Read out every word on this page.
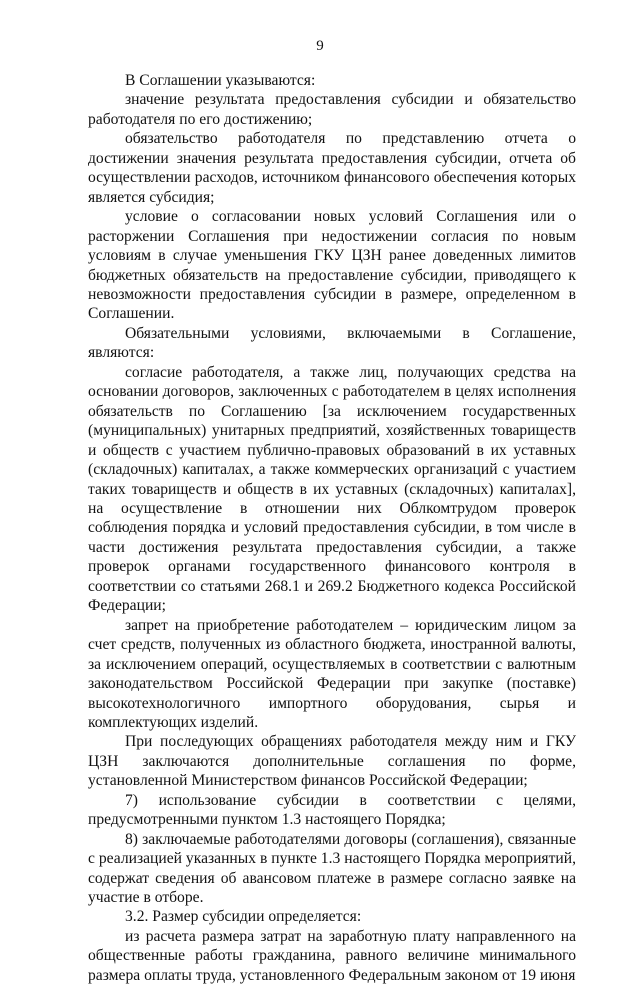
9

В Соглашении указываются:

значение результата предоставления субсидии и обязательство работодателя по его достижению;

обязательство работодателя по представлению отчета о достижении значения результата предоставления субсидии, отчета об осуществлении расходов, источником финансового обеспечения которых является субсидия;

условие о согласовании новых условий Соглашения или о расторжении Соглашения при недостижении согласия по новым условиям в случае уменьшения ГКУ ЦЗН ранее доведенных лимитов бюджетных обязательств на предоставление субсидии, приводящего к невозможности предоставления субсидии в размере, определенном в Соглашении.

Обязательными условиями, включаемыми в Соглашение, являются:

согласие работодателя, а также лиц, получающих средства на основании договоров, заключенных с работодателем в целях исполнения обязательств по Соглашению [за исключением государственных (муниципальных) унитарных предприятий, хозяйственных товариществ и обществ с участием публично-правовых образований в их уставных (складочных) капиталах, а также коммерческих организаций с участием таких товариществ и обществ в их уставных (складочных) капиталах], на осуществление в отношении них Облкомтрудом проверок соблюдения порядка и условий предоставления субсидии, в том числе в части достижения результата предоставления субсидии, а также проверок органами государственного финансового контроля в соответствии со статьями 268.1 и 269.2 Бюджетного кодекса Российской Федерации;

запрет на приобретение работодателем – юридическим лицом за счет средств, полученных из областного бюджета, иностранной валюты, за исключением операций, осуществляемых в соответствии с валютным законодательством Российской Федерации при закупке (поставке) высокотехнологичного импортного оборудования, сырья и комплектующих изделий.

При последующих обращениях работодателя между ним и ГКУ ЦЗН заключаются дополнительные соглашения по форме, установленной Министерством финансов Российской Федерации;

7) использование субсидии в соответствии с целями, предусмотренными пунктом 1.3 настоящего Порядка;

8) заключаемые работодателями договоры (соглашения), связанные с реализацией указанных в пункте 1.3 настоящего Порядка мероприятий, содержат сведения об авансовом платеже в размере согласно заявке на участие в отборе.

3.2. Размер субсидии определяется:

из расчета размера затрат на заработную плату направленного на общественные работы гражданина, равного величине минимального размера оплаты труда, установленного Федеральным законом от 19 июня
